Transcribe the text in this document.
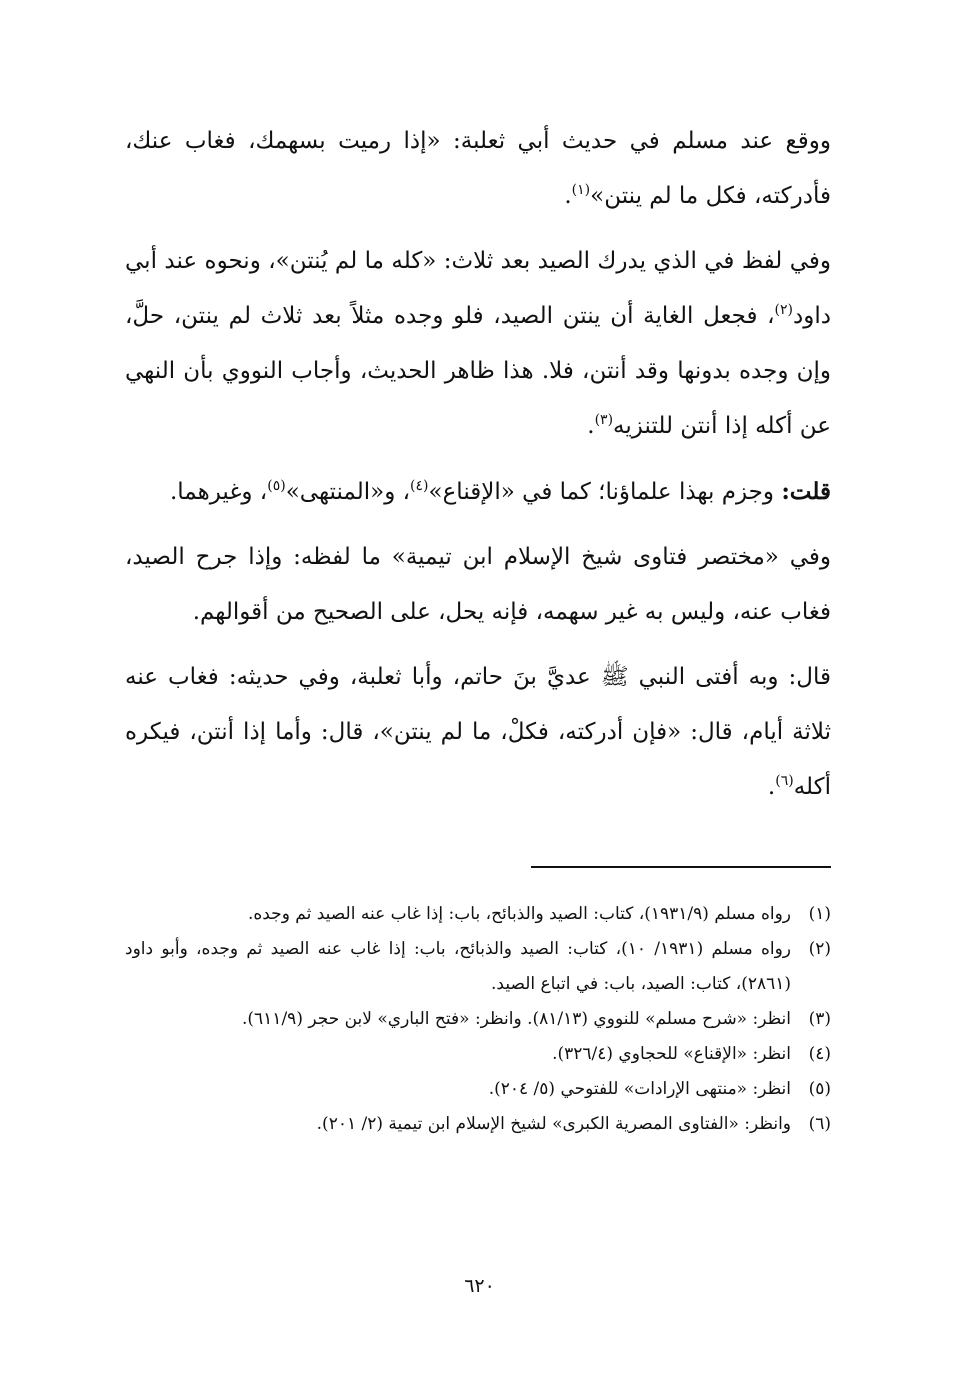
ووقع عند مسلم في حديث أبي ثعلبة: «إذا رميت بسهمك، فغاب عنك، فأدركته، فكل ما لم ينتن»$^{(١)}$.

وفي لفظ في الذي يدرك الصيد بعد ثلاث: «كله ما لم يُنتن»، ونحوه عند أبي داود$^{(٢)}$، فجعل الغاية أن ينتن الصيد، فلو وجده مثلاً بعد ثلاث لم ينتن، حلَّ، وإن وجده بدونها وقد أنتن، فلا. هذا ظاهر الحديث، وأجاب النووي بأن النهي عن أكله إذا أنتن للتنزيه$^{(٣)}$.

قلت: وجزم بهذا علماؤنا؛ كما في «الإقناع»$^{(٤)}$، و«المنتهى»$^{(٥)}$، وغيرهما.

وفي «مختصر فتاوى شيخ الإسلام ابن تيمية» ما لفظه: وإذا جرح الصيد، فغاب عنه، وليس به غير سهمه، فإنه يحل، على الصحيح من أقوالهم.

قال: وبه أفتى النبي ﷺ عديَّ بنَ حاتم، وأبا ثعلبة، وفي حديثه: فغاب عنه ثلاثة أيام، قال: «فإن أدركته، فكلْ، ما لم ينتن»، قال: وأما إذا أنتن، فيكره أكله$^{(٦)}$.

(١)
رواه مسلم (١٩٣١/٩)، كتاب: الصيد والذبائح، باب: إذا غاب عنه الصيد ثم وجده.
(٢)
رواه مسلم (١٩٣١/ ١٠)، كتاب: الصيد والذبائح، باب: إذا غاب عنه الصيد ثم وجده، وأبو داود (٢٨٦١)، كتاب: الصيد، باب: في اتباع الصيد.
(٣)
انظر: «شرح مسلم» للنووي (٨١/١٣). وانظر: «فتح الباري» لابن حجر (٦١١/٩).
(٤)
انظر: «الإقناع» للحجاوي (٣٢٦/٤).
(٥)
انظر: «منتهى الإرادات» للفتوحي (٥/ ٢٠٤).
(٦)
وانظر: «الفتاوى المصرية الكبرى» لشيخ الإسلام ابن تيمية (٢/ ٢٠١).
٦٢٠
